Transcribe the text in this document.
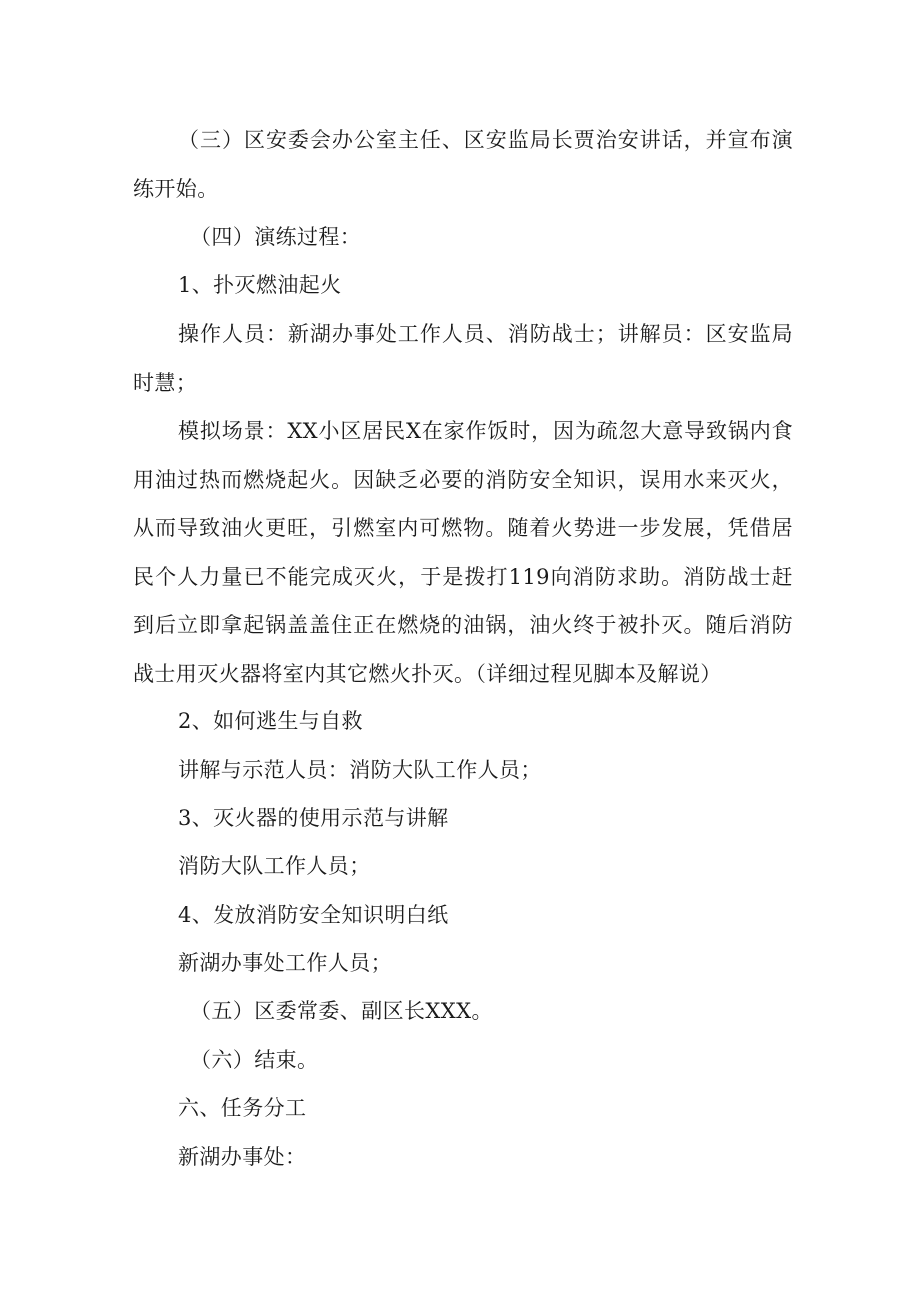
（三）区安委会办公室主任、区安监局长贾治安讲话，并宣布演练开始。

（四）演练过程：

1、扑灭燃油起火

操作人员：新湖办事处工作人员、消防战士；讲解员：区安监局时慧；

模拟场景：XX小区居民X在家作饭时，因为疏忽大意导致锅内食用油过热而燃烧起火。因缺乏必要的消防安全知识，误用水来灭火，从而导致油火更旺，引燃室内可燃物。随着火势进一步发展，凭借居民个人力量已不能完成灭火，于是拨打119向消防求助。消防战士赶到后立即拿起锅盖盖住正在燃烧的油锅，油火终于被扑灭。随后消防战士用灭火器将室内其它燃火扑灭。（详细过程见脚本及解说）

2、如何逃生与自救

讲解与示范人员：消防大队工作人员；

3、灭火器的使用示范与讲解

消防大队工作人员；

4、发放消防安全知识明白纸

新湖办事处工作人员；

（五）区委常委、副区长XXX。

（六）结束。

六、任务分工

新湖办事处：
